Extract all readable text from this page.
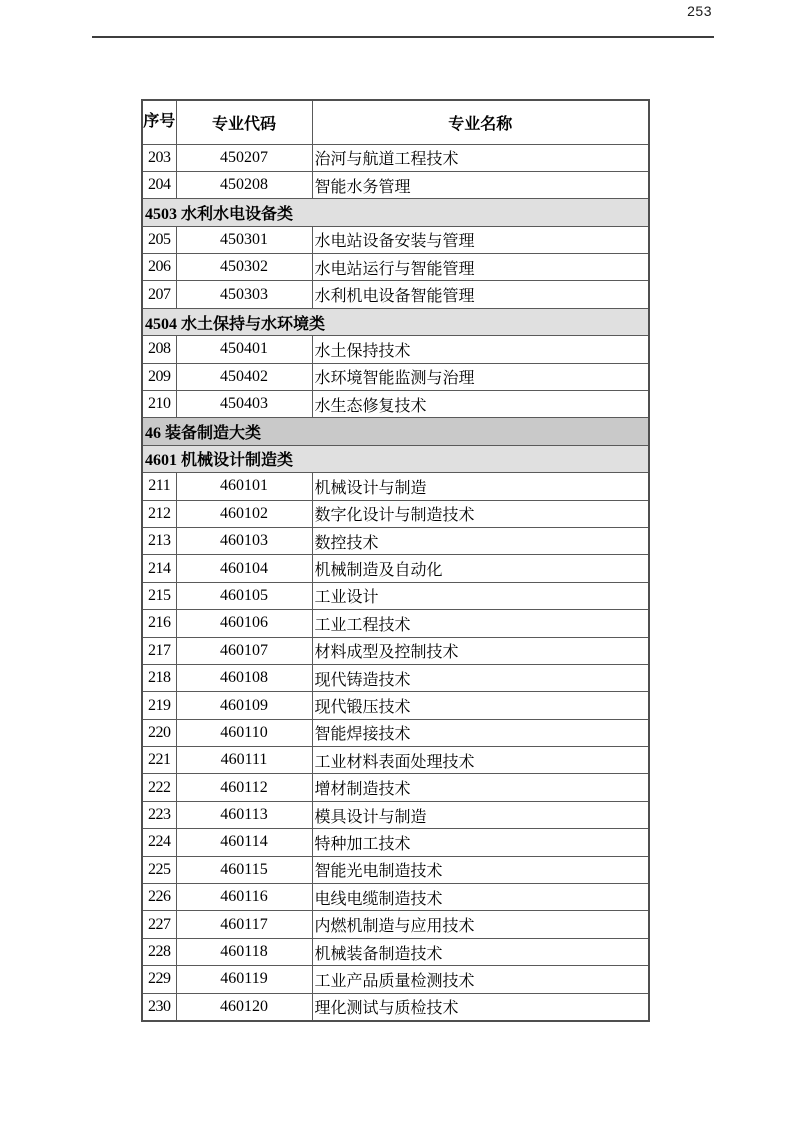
253
序号	专业代码	专业名称
203	450207	治河与航道工程技术
204	450208	智能水务管理
4503 水利水电设备类		
205	450301	水电站设备安装与管理
206	450302	水电站运行与智能管理
207	450303	水利机电设备智能管理
4504 水土保持与水环境类		
208	450401	水土保持技术
209	450402	水环境智能监测与治理
210	450403	水生态修复技术
46 装备制造大类		
4601 机械设计制造类		
211	460101	机械设计与制造
212	460102	数字化设计与制造技术
213	460103	数控技术
214	460104	机械制造及自动化
215	460105	工业设计
216	460106	工业工程技术
217	460107	材料成型及控制技术
218	460108	现代铸造技术
219	460109	现代锻压技术
220	460110	智能焊接技术
221	460111	工业材料表面处理技术
222	460112	增材制造技术
223	460113	模具设计与制造
224	460114	特种加工技术
225	460115	智能光电制造技术
226	460116	电线电缆制造技术
227	460117	内燃机制造与应用技术
228	460118	机械装备制造技术
229	460119	工业产品质量检测技术
230	460120	理化测试与质检技术
